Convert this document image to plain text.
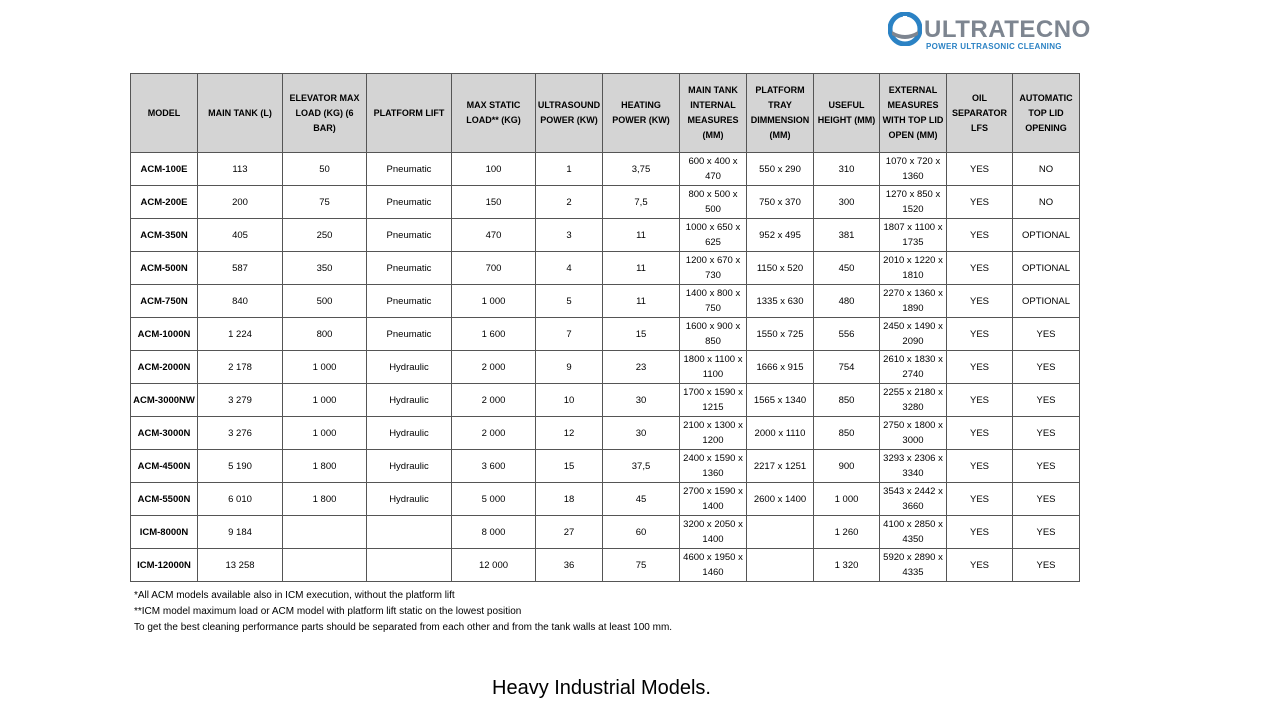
ULTRATECNO
POWER ULTRASONIC CLEANING
MODEL	MAIN TANK (L)	ELEVATOR MAX LOAD (KG) (6 BAR)	PLATFORM LIFT	MAX STATIC LOAD** (KG)	ULTRASOUND POWER (KW)	HEATING POWER (KW)	MAIN TANK INTERNAL MEASURES (MM)	PLATFORM TRAY DIMMENSION (MM)	USEFUL HEIGHT (MM)	EXTERNAL MEASURES WITH TOP LID OPEN (MM)	OIL SEPARATOR LFS	AUTOMATIC TOP LID OPENING
ACM-100E	113	50	Pneumatic	100	1	3,75	600 x 400 x 470	550 x 290	310	1070 x 720 x 1360	YES	NO
ACM-200E	200	75	Pneumatic	150	2	7,5	800 x 500 x 500	750 x 370	300	1270 x 850 x 1520	YES	NO
ACM-350N	405	250	Pneumatic	470	3	11	1000 x 650 x 625	952 x 495	381	1807 x 1100 x 1735	YES	OPTIONAL
ACM-500N	587	350	Pneumatic	700	4	11	1200 x 670 x 730	1150 x 520	450	2010 x 1220 x 1810	YES	OPTIONAL
ACM-750N	840	500	Pneumatic	1 000	5	11	1400 x 800 x 750	1335 x 630	480	2270 x 1360 x 1890	YES	OPTIONAL
ACM-1000N	1 224	800	Pneumatic	1 600	7	15	1600 x 900 x 850	1550 x 725	556	2450 x 1490 x 2090	YES	YES
ACM-2000N	2 178	1 000	Hydraulic	2 000	9	23	1800 x 1100 x 1100	1666 x 915	754	2610 x 1830 x 2740	YES	YES
ACM-3000NW	3 279	1 000	Hydraulic	2 000	10	30	1700 x 1590 x 1215	1565 x 1340	850	2255 x 2180 x 3280	YES	YES
ACM-3000N	3 276	1 000	Hydraulic	2 000	12	30	2100 x 1300 x 1200	2000 x 1110	850	2750 x 1800 x 3000	YES	YES
ACM-4500N	5 190	1 800	Hydraulic	3 600	15	37,5	2400 x 1590 x 1360	2217 x 1251	900	3293 x 2306 x 3340	YES	YES
ACM-5500N	6 010	1 800	Hydraulic	5 000	18	45	2700 x 1590 x 1400	2600 x 1400	1 000	3543 x 2442 x 3660	YES	YES
ICM-8000N	9 184			8 000	27	60	3200 x 2050 x 1400		1 260	4100 x 2850 x 4350	YES	YES
ICM-12000N	13 258			12 000	36	75	4600 x 1950 x 1460		1 320	5920 x 2890 x 4335	YES	YES
*All ACM models available also in ICM execution, without the platform lift
**ICM model maximum load or ACM model with platform lift static on the lowest position
To get the best cleaning performance parts should be separated from each other and from the tank walls at least 100 mm.
Heavy Industrial Models.
